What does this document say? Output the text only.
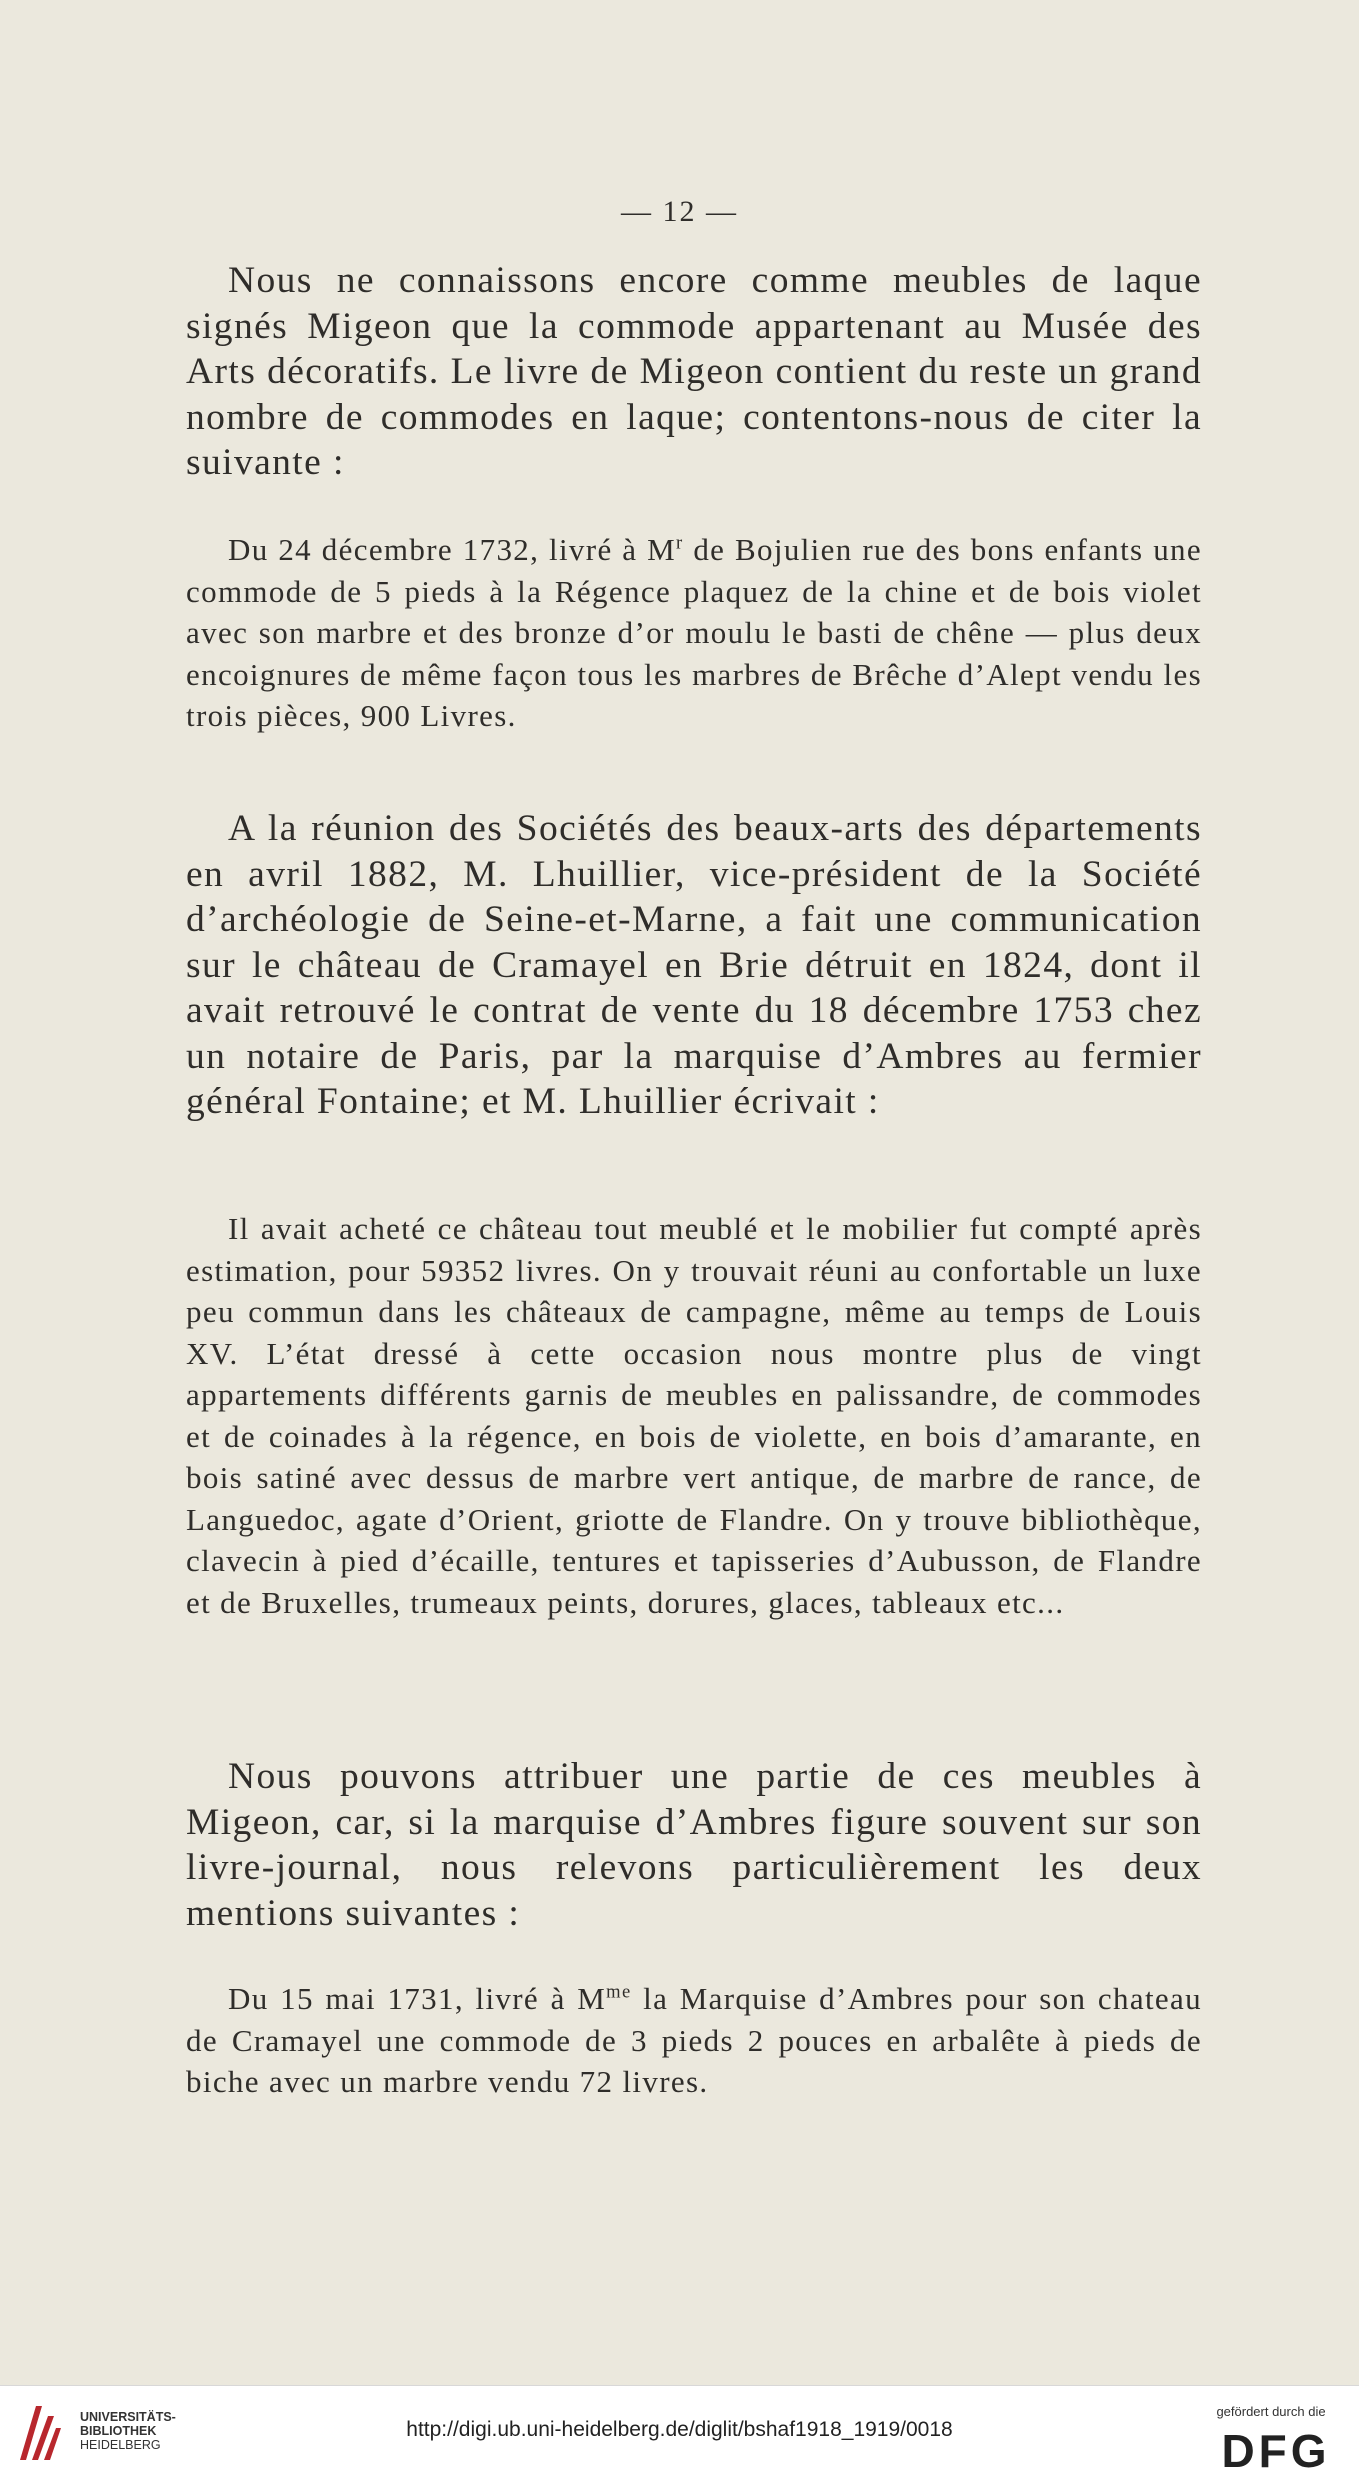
— 12 —
Nous ne connaissons encore comme meubles de laque signés Migeon que la commode appartenant au Musée des Arts décoratifs. Le livre de Migeon contient du reste un grand nombre de commodes en laque; contentons-nous de citer la suivante :
Du 24 décembre 1732, livré à $M^r$ de Bojulien rue des bons enfants une commode de 5 pieds à la Régence plaquez de la chine et de bois violet avec son marbre et des bronze d’or moulu le basti de chêne — plus deux encoignures de même façon tous les marbres de Brêche d’Alept vendu les trois pièces, 900 Livres.
A la réunion des Sociétés des beaux-arts des départements en avril 1882, M. Lhuillier, vice-président de la Société d’archéologie de Seine-et-Marne, a fait une communication sur le château de Cramayel en Brie détruit en 1824, dont il avait retrouvé le contrat de vente du 18 décembre 1753 chez un notaire de Paris, par la marquise d’Ambres au fermier général Fontaine; et M. Lhuillier écrivait :
Il avait acheté ce château tout meublé et le mobilier fut compté après estimation, pour 59352 livres. On y trouvait réuni au confortable un luxe peu commun dans les châteaux de campagne, même au temps de Louis XV. L’état dressé à cette occasion nous montre plus de vingt appartements différents garnis de meubles en palissandre, de commodes et de coinades à la régence, en bois de violette, en bois d’amarante, en bois satiné avec dessus de marbre vert antique, de marbre de rance, de Languedoc, agate d’Orient, griotte de Flandre. On y trouve bibliothèque, clavecin à pied d’écaille, tentures et tapisseries d’Aubusson, de Flandre et de Bruxelles, trumeaux peints, dorures, glaces, tableaux etc...
Nous pouvons attribuer une partie de ces meubles à Migeon, car, si la marquise d’Ambres figure souvent sur son livre-journal, nous relevons particulièrement les deux mentions suivantes :
Du 15 mai 1731, livré à $M^{me}$ la Marquise d’Ambres pour son chateau de Cramayel une commode de 3 pieds 2 pouces en arbalête à pieds de biche avec un marbre vendu 72 livres.
UNIVERSITÄTS-
BIBLIOTHEK
HEIDELBERG
http://digi.ub.uni-heidelberg.de/diglit/bshaf1918_1919/0018
gefördert durch die
DFG
